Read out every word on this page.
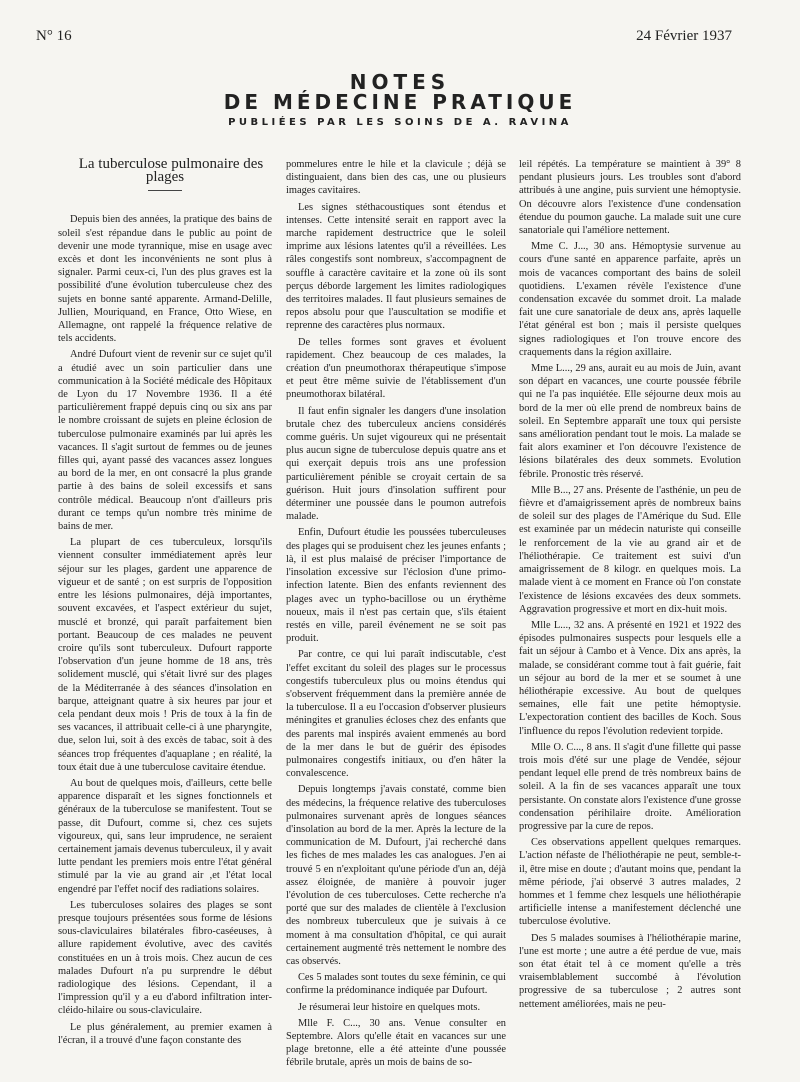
N° 16	24 Février 1937
NOTES
DE MÉDECINE PRATIQUE
PUBLIÉES PAR LES SOINS DE A. RAVINA

La tuberculose pulmonaire des plages

Depuis bien des années, la pratique des bains de soleil s'est répandue dans le public au point de devenir une mode tyrannique, mise en usage avec excès et dont les inconvénients ne sont plus à signaler. Parmi ceux-ci, l'un des plus graves est la possibilité d'une évolution tuberculeuse chez des sujets en bonne santé apparente. Armand-Delille, Jullien, Mouriquand, en France, Otto Wiese, en Allemagne, ont rappelé la fréquence relative de tels accidents.

André Dufourt vient de revenir sur ce sujet qu'il a étudié avec un soin particulier dans une communication à la Société médicale des Hôpitaux de Lyon du 17 Novembre 1936. Il a été particulièrement frappé depuis cinq ou six ans par le nombre croissant de sujets en pleine éclosion de tuberculose pulmonaire examinés par lui après les vacances. Il s'agit surtout de femmes ou de jeunes filles qui, ayant passé des vacances assez longues au bord de la mer, en ont consacré la plus grande partie à des bains de soleil excessifs et sans contrôle médical. Beaucoup n'ont d'ailleurs pris durant ce temps qu'un nombre très minime de bains de mer.

La plupart de ces tuberculeux, lorsqu'ils viennent consulter immédiatement après leur séjour sur les plages, gardent une apparence de vigueur et de santé ; on est surpris de l'opposition entre les lésions pulmonaires, déjà importantes, souvent excavées, et l'aspect extérieur du sujet, musclé et bronzé, qui paraît parfaitement bien portant. Beaucoup de ces malades ne peuvent croire qu'ils sont tuberculeux. Dufourt rapporte l'observation d'un jeune homme de 18 ans, très solidement musclé, qui s'était livré sur des plages de la Méditerranée à des séances d'insolation en barque, atteignant quatre à six heures par jour et cela pendant deux mois ! Pris de toux à la fin de ses vacances, il attribuait celle-ci à une pharyngite, due, selon lui, soit à des excès de tabac, soit à des séances trop fréquentes d'aquaplane ; en réalité, la toux était due à une tuberculose cavitaire étendue.

Au bout de quelques mois, d'ailleurs, cette belle apparence disparaît et les signes fonctionnels et généraux de la tuberculose se manifestent. Tout se passe, dit Dufourt, comme si, chez ces sujets vigoureux, qui, sans leur imprudence, ne seraient certainement jamais devenus tuberculeux, il y avait lutte pendant les premiers mois entre l'état général stimulé par la vie au grand air ,et l'état local engendré par l'effet nocif des radiations solaires.

Les tuberculoses solaires des plages se sont presque toujours présentées sous forme de lésions sous-claviculaires bilatérales fibro-caséeuses, à allure rapidement évolutive, avec des cavités constituées en un à trois mois. Chez aucun de ces malades Dufourt n'a pu surprendre le début radiologique des lésions. Cependant, il a l'impression qu'il y a eu d'abord infiltration inter-cléido-hilaire ou sous-claviculaire.

Le plus généralement, au premier examen à l'écran, il a trouvé d'une façon constante des

pommelures entre le hile et la clavicule ; déjà se distinguaient, dans bien des cas, une ou plusieurs images cavitaires.

Les signes stéthacoustiques sont étendus et intenses. Cette intensité serait en rapport avec la marche rapidement destructrice que le soleil imprime aux lésions latentes qu'il a réveillées. Les râles congestifs sont nombreux, s'accompagnent de souffle à caractère cavitaire et la zone où ils sont perçus déborde largement les limites radiologiques des territoires malades. Il faut plusieurs semaines de repos absolu pour que l'auscultation se modifie et reprenne des caractères plus normaux.

De telles formes sont graves et évoluent rapidement. Chez beaucoup de ces malades, la création d'un pneumothorax thérapeutique s'impose et peut être même suivie de l'établissement d'un pneumothorax bilatéral.

Il faut enfin signaler les dangers d'une insolation brutale chez des tuberculeux anciens considérés comme guéris. Un sujet vigoureux qui ne présentait plus aucun signe de tuberculose depuis quatre ans et qui exerçait depuis trois ans une profession particulièrement pénible se croyait certain de sa guérison. Huit jours d'insolation suffirent pour déterminer une poussée dans le poumon autrefois malade.

Enfin, Dufourt étudie les poussées tuberculeuses des plages qui se produisent chez les jeunes enfants ; là, il est plus malaisé de préciser l'importance de l'insolation excessive sur l'éclosion d'une primo-infection latente. Bien des enfants reviennent des plages avec un typho-bacillose ou un érythème noueux, mais il n'est pas certain que, s'ils étaient restés en ville, pareil événement ne se soit pas produit.

Par contre, ce qui lui paraît indiscutable, c'est l'effet excitant du soleil des plages sur le processus congestifs tuberculeux plus ou moins étendus qui s'observent fréquemment dans la première année de la tuberculose. Il a eu l'occasion d'observer plusieurs méningites et granulies écloses chez des enfants que des parents mal inspirés avaient emmenés au bord de la mer dans le but de guérir des épisodes pulmonaires congestifs initiaux, ou d'en hâter la convalescence.

Depuis longtemps j'avais constaté, comme bien des médecins, la fréquence relative des tuberculoses pulmonaires survenant après de longues séances d'insolation au bord de la mer. Après la lecture de la communication de M. Dufourt, j'ai recherché dans les fiches de mes malades les cas analogues. J'en ai trouvé 5 en n'exploitant qu'une période d'un an, déjà assez éloignée, de manière à pouvoir juger l'évolution de ces tuberculoses. Cette recherche n'a porté que sur des malades de clientèle à l'exclusion des nombreux tuberculeux que je suivais à ce moment à ma consultation d'hôpital, ce qui aurait certainement augmenté très nettement le nombre des cas observés.

Ces 5 malades sont toutes du sexe féminin, ce qui confirme la prédominance indiquée par Dufourt.

Je résumerai leur histoire en quelques mots.

Mlle F. C..., 30 ans. Venue consulter en Septembre. Alors qu'elle était en vacances sur une plage bretonne, elle a été atteinte d'une poussée fébrile brutale, après un mois de bains de so-

leil répétés. La température se maintient à 39° 8 pendant plusieurs jours. Les troubles sont d'abord attribués à une angine, puis survient une hémoptysie. On découvre alors l'existence d'une condensation étendue du poumon gauche. La malade suit une cure sanatoriale qui l'améliore nettement.

Mme C. J..., 30 ans. Hémoptysie survenue au cours d'une santé en apparence parfaite, après un mois de vacances comportant des bains de soleil quotidiens. L'examen révèle l'existence d'une condensation excavée du sommet droit. La malade fait une cure sanatoriale de deux ans, après laquelle l'état général est bon ; mais il persiste quelques signes radiologiques et l'on trouve encore des craquements dans la région axillaire.

Mme L..., 29 ans, aurait eu au mois de Juin, avant son départ en vacances, une courte poussée fébrile qui ne l'a pas inquiétée. Elle séjourne deux mois au bord de la mer où elle prend de nombreux bains de soleil. En Septembre apparaît une toux qui persiste sans amélioration pendant tout le mois. La malade se fait alors examiner et l'on découvre l'existence de lésions bilatérales des deux sommets. Evolution fébrile. Pronostic très réservé.

Mlle B..., 27 ans. Présente de l'asthénie, un peu de fièvre et d'amaigrissement après de nombreux bains de soleil sur des plages de l'Amérique du Sud. Elle est examinée par un médecin naturiste qui conseille le renforcement de la vie au grand air et de l'héliothérapie. Ce traitement est suivi d'un amaigrissement de 8 kilogr. en quelques mois. La malade vient à ce moment en France où l'on constate l'existence de lésions excavées des deux sommets. Aggravation progressive et mort en dix-huit mois.

Mlle L..., 32 ans. A présenté en 1921 et 1922 des épisodes pulmonaires suspects pour lesquels elle a fait un séjour à Cambo et à Vence. Dix ans après, la malade, se considérant comme tout à fait guérie, fait un séjour au bord de la mer et se soumet à une héliothérapie excessive. Au bout de quelques semaines, elle fait une petite hémoptysie. L'expectoration contient des bacilles de Koch. Sous l'influence du repos l'évolution redevient torpide.

Mlle O. C..., 8 ans. Il s'agit d'une fillette qui passe trois mois d'été sur une plage de Vendée, séjour pendant lequel elle prend de très nombreux bains de soleil. A la fin de ses vacances apparaît une toux persistante. On constate alors l'existence d'une grosse condensation périhilaire droite. Amélioration progressive par la cure de repos.

Ces observations appellent quelques remarques. L'action néfaste de l'héliothérapie ne peut, semble-t-il, être mise en doute ; d'autant moins que, pendant la même période, j'ai observé 3 autres malades, 2 hommes et 1 femme chez lesquels une héliothérapie artificielle intense a manifestement déclenché une tuberculose évolutive.

Des 5 malades soumises à l'héliothérapie marine, l'une est morte ; une autre a été perdue de vue, mais son état était tel à ce moment qu'elle a très vraisemblablement succombé à l'évolution progressive de sa tuberculose ; 2 autres sont nettement améliorées, mais ne peu-
